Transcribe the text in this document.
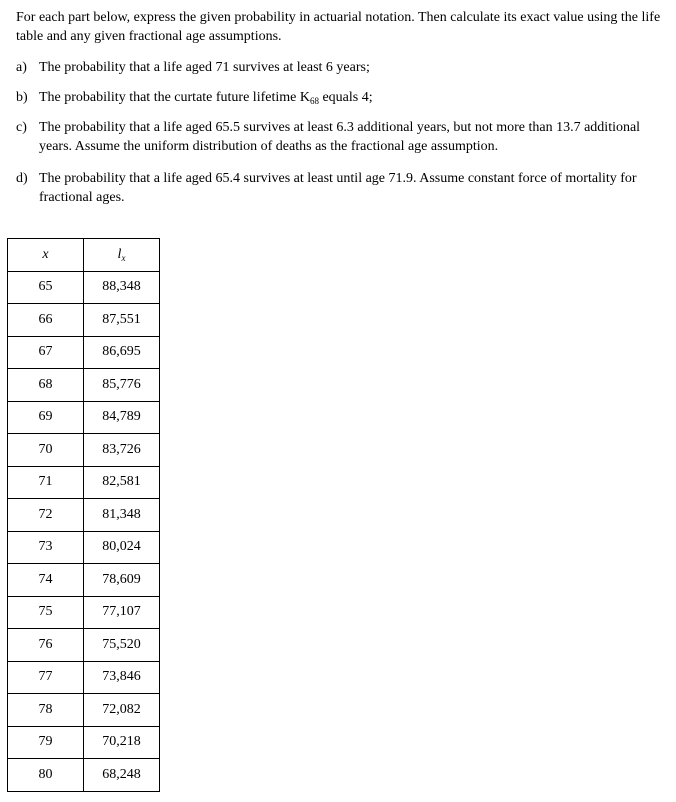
For each part below, express the given probability in actuarial notation. Then calculate its exact value using the life table and any given fractional age assumptions.

a) The probability that a life aged 71 survives at least 6 years;
b) The probability that the curtate future lifetime $K_{68}$ equals 4;
c) The probability that a life aged 65.5 survives at least 6.3 additional years, but not more than 13.7 additional years. Assume the uniform distribution of deaths as the fractional age assumption.
d) The probability that a life aged 65.4 survives at least until age 71.9. Assume constant force of mortality for fractional ages.
x	$l_x$
65	88,348
66	87,551
67	86,695
68	85,776
69	84,789
70	83,726
71	82,581
72	81,348
73	80,024
74	78,609
75	77,107
76	75,520
77	73,846
78	72,082
79	70,218
80	68,248
